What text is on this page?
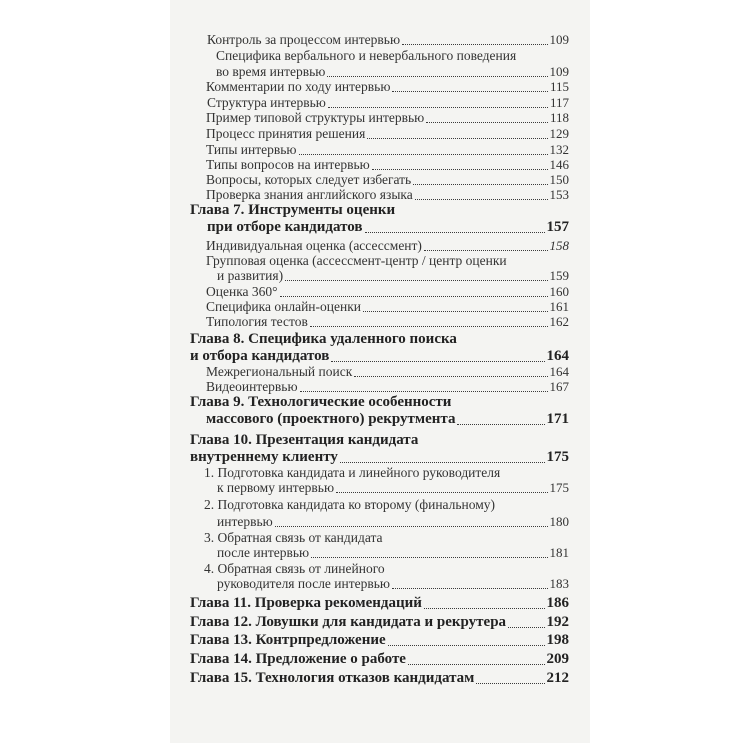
Контроль за процессом интервью	109
Специфика вербального и невербального поведения
во время интервью	109
Комментарии по ходу интервью	115
Структура интервью	117
Пример типовой структуры интервью	118
Процесс принятия решения	129
Типы интервью	132
Типы вопросов на интервью	146
Вопросы, которых следует избегать	150
Проверка знания английского языка	153
Глава 7. Инструменты оценки
при отборе кандидатов	157
Индивидуальная оценка (ассессмент)	158
Групповая оценка (ассессмент-центр / центр оценки
и развития)	159
Оценка 360°	160
Специфика онлайн-оценки	161
Типология тестов	162
Глава 8. Специфика удаленного поиска
и отбора кандидатов	164
Межрегиональный поиск	164
Видеоинтервью	167
Глава 9. Технологические особенности
массового (проектного) рекрутмента	171
Глава 10. Презентация кандидата
внутреннему клиенту	175
1. Подготовка кандидата и линейного руководителя
к первому интервью	175
2. Подготовка кандидата ко второму (финальному)
интервью	180
3. Обратная связь от кандидата
после интервью	181
4. Обратная связь от линейного
руководителя после интервью	183
Глава 11. Проверка рекомендаций	186
Глава 12. Ловушки для кандидата и рекрутера	192
Глава 13. Контрпредложение	198
Глава 14. Предложение о работе	209
Глава 15. Технология отказов кандидатам	212
